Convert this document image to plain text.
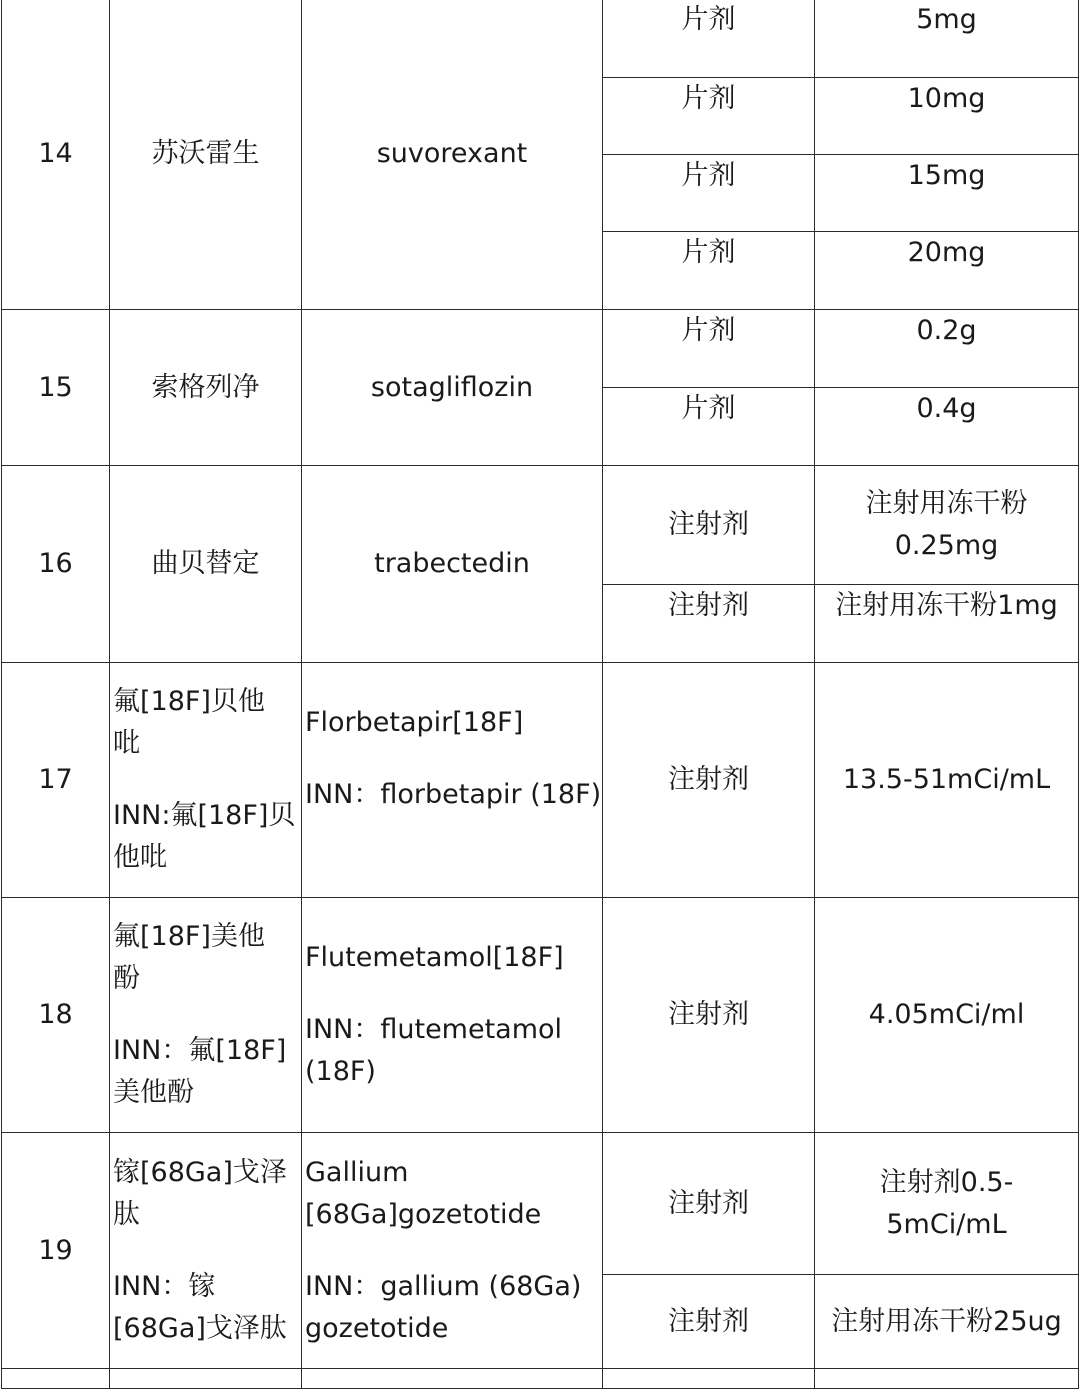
14	苏沃雷生	suvorexant	片剂	5mg
			片剂	10mg
			片剂	15mg
			片剂	20mg
15	索格列净	sotagliflozin	片剂	0.2g
			片剂	0.4g
16	曲贝替定	trabectedin	注射剂	注射用冻干粉
0.25mg

			注射剂	注射用冻干粉1mg
17	氟[18F]贝他
吡
INN:氟[18F]贝
他吡	Florbetapir[18F]
INN：florbetapir (18F)	注射剂	13.5-51mCi/mL
18	氟[18F]美他
酚
INN：氟[18F]
美他酚	Flutemetamol[18F]
INN：flutemetamol
(18F)	注射剂	4.05mCi/ml
19	镓[68Ga]戈泽
肽
INN：镓
[68Ga]戈泽肽	Gallium
[68Ga]gozetotide
INN：gallium (68Ga)
gozetotide	注射剂	注射剂0.5-
5mCi/mL

			注射剂	注射用冻干粉25ug
